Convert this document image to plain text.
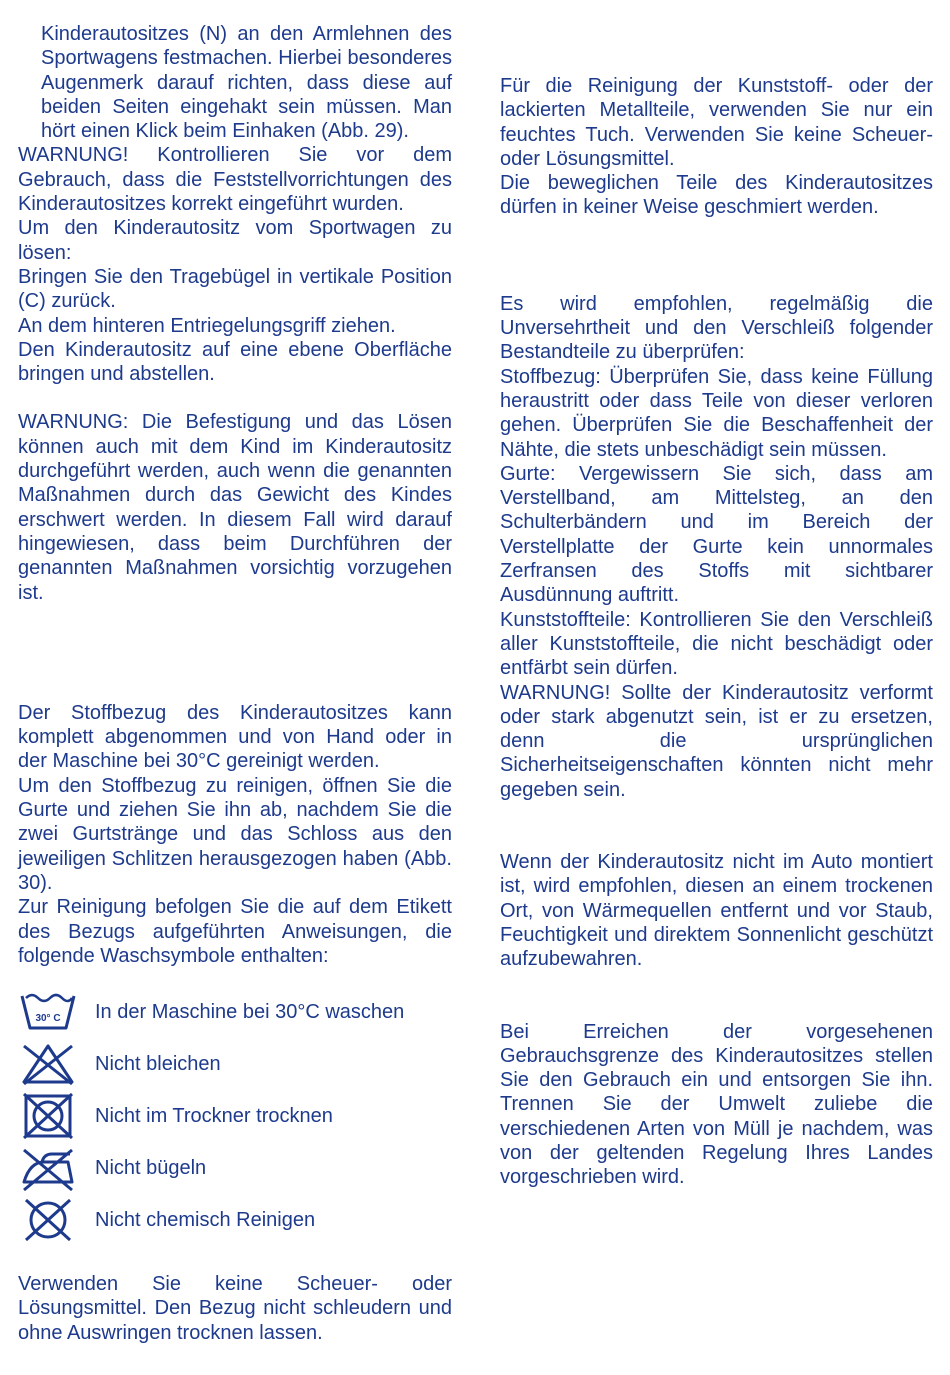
Kinderautositzes (N) an den Armlehnen des Sportwagens festmachen. Hierbei besonderes Augenmerk darauf richten, dass diese auf beiden Seiten eingehakt sein müssen. Man hört einen Klick beim Einhaken (Abb. 29).

WARNUNG! Kontrollieren Sie vor dem Gebrauch, dass die Feststellvorrichtungen des Kinderautositzes korrekt eingeführt wurden.

Um den Kinderautositz vom Sportwagen zu lösen:

Bringen Sie den Tragebügel in vertikale Position (C) zurück.

An dem hinteren Entriegelungsgriff ziehen.

Den Kinderautositz auf eine ebene Oberfläche bringen und abstellen.

WARNUNG: Die Befestigung und das Lösen können auch mit dem Kind im Kinderautositz durchgeführt werden, auch wenn die genannten Maßnahmen durch das Gewicht des Kindes erschwert werden. In diesem Fall wird darauf hingewiesen, dass beim Durchführen der genannten Maßnahmen vorsichtig vorzugehen ist.

Der Stoffbezug des Kinderautositzes kann komplett abgenommen und von Hand oder in der Maschine bei 30°C gereinigt werden.

Um den Stoffbezug zu reinigen, öffnen Sie die Gurte und ziehen Sie ihn ab, nachdem Sie die zwei Gurtstränge und das Schloss aus den jeweiligen Schlitzen herausgezogen haben (Abb. 30).

Zur Reinigung befolgen Sie die auf dem Etikett des Bezugs aufgeführten Anweisungen, die folgende Waschsymbole enthalten:

30° C In der Maschine bei 30°C waschen
Nicht bleichen
Nicht im Trockner trocknen
Nicht bügeln
Nicht chemisch Reinigen

Verwenden Sie keine Scheuer- oder Lösungsmittel. Den Bezug nicht schleudern und ohne Auswringen trocknen lassen.

Für die Reinigung der Kunststoff- oder der lackierten Metallteile, verwenden Sie nur ein feuchtes Tuch. Verwenden Sie keine Scheuer- oder Lösungsmittel.

Die beweglichen Teile des Kinderautositzes dürfen in keiner Weise geschmiert werden.

Es wird empfohlen, regelmäßig die Unversehrtheit und den Verschleiß folgender Bestandteile zu überprüfen:

Stoffbezug: Überprüfen Sie, dass keine Füllung heraustritt oder dass Teile von dieser verloren gehen. Überprüfen Sie die Beschaffenheit der Nähte, die stets unbeschädigt sein müssen.

Gurte: Vergewissern Sie sich, dass am Verstellband, am Mittelsteg, an den Schulterbändern und im Bereich der Verstellplatte der Gurte kein unnormales Zerfransen des Stoffs mit sichtbarer Ausdünnung auftritt.

Kunststoffteile: Kontrollieren Sie den Verschleiß aller Kunststoffteile, die nicht beschädigt oder entfärbt sein dürfen.

WARNUNG! Sollte der Kinderautositz verformt oder stark abgenutzt sein, ist er zu ersetzen, denn die ursprünglichen Sicherheitseigenschaften könnten nicht mehr gegeben sein.

Wenn der Kinderautositz nicht im Auto montiert ist, wird empfohlen, diesen an einem trockenen Ort, von Wärmequellen entfernt und vor Staub, Feuchtigkeit und direktem Sonnenlicht geschützt aufzubewahren.

Bei Erreichen der vorgesehenen Gebrauchsgrenze des Kinderautositzes stellen Sie den Gebrauch ein und entsorgen Sie ihn. Trennen Sie der Umwelt zuliebe die verschiedenen Arten von Müll je nachdem, was von der geltenden Regelung Ihres Landes vorgeschrieben wird.
